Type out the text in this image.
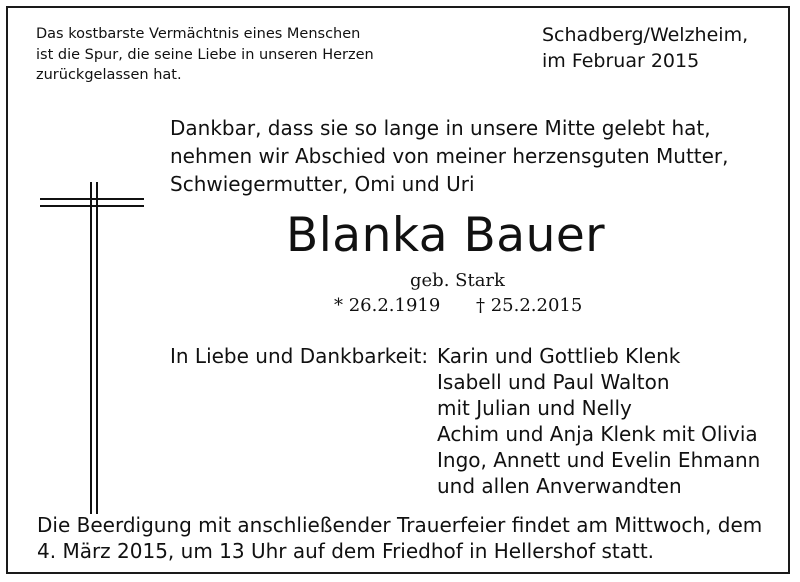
Das kostbarste Vermächtnis eines Menschen
ist die Spur, die seine Liebe in unseren Herzen
zurückgelassen hat.
Schadberg/Welzheim,
im Februar 2015
Dankbar, dass sie so lange in unsere Mitte gelebt hat,
nehmen wir Abschied von meiner herzensguten Mutter,
Schwiegermutter, Omi und Uri
Blanka Bauer
geb. Stark
* 26.2.1919 † 25.2.2015
In Liebe und Dankbarkeit: Karin und Gottlieb Klenk
Isabell und Paul Walton
mit Julian und Nelly
Achim und Anja Klenk mit Olivia
Ingo, Annett und Evelin Ehmann
und allen Anverwandten
Die Beerdigung mit anschließender Trauerfeier findet am Mittwoch, dem
4. März 2015, um 13 Uhr auf dem Friedhof in Hellershof statt.
